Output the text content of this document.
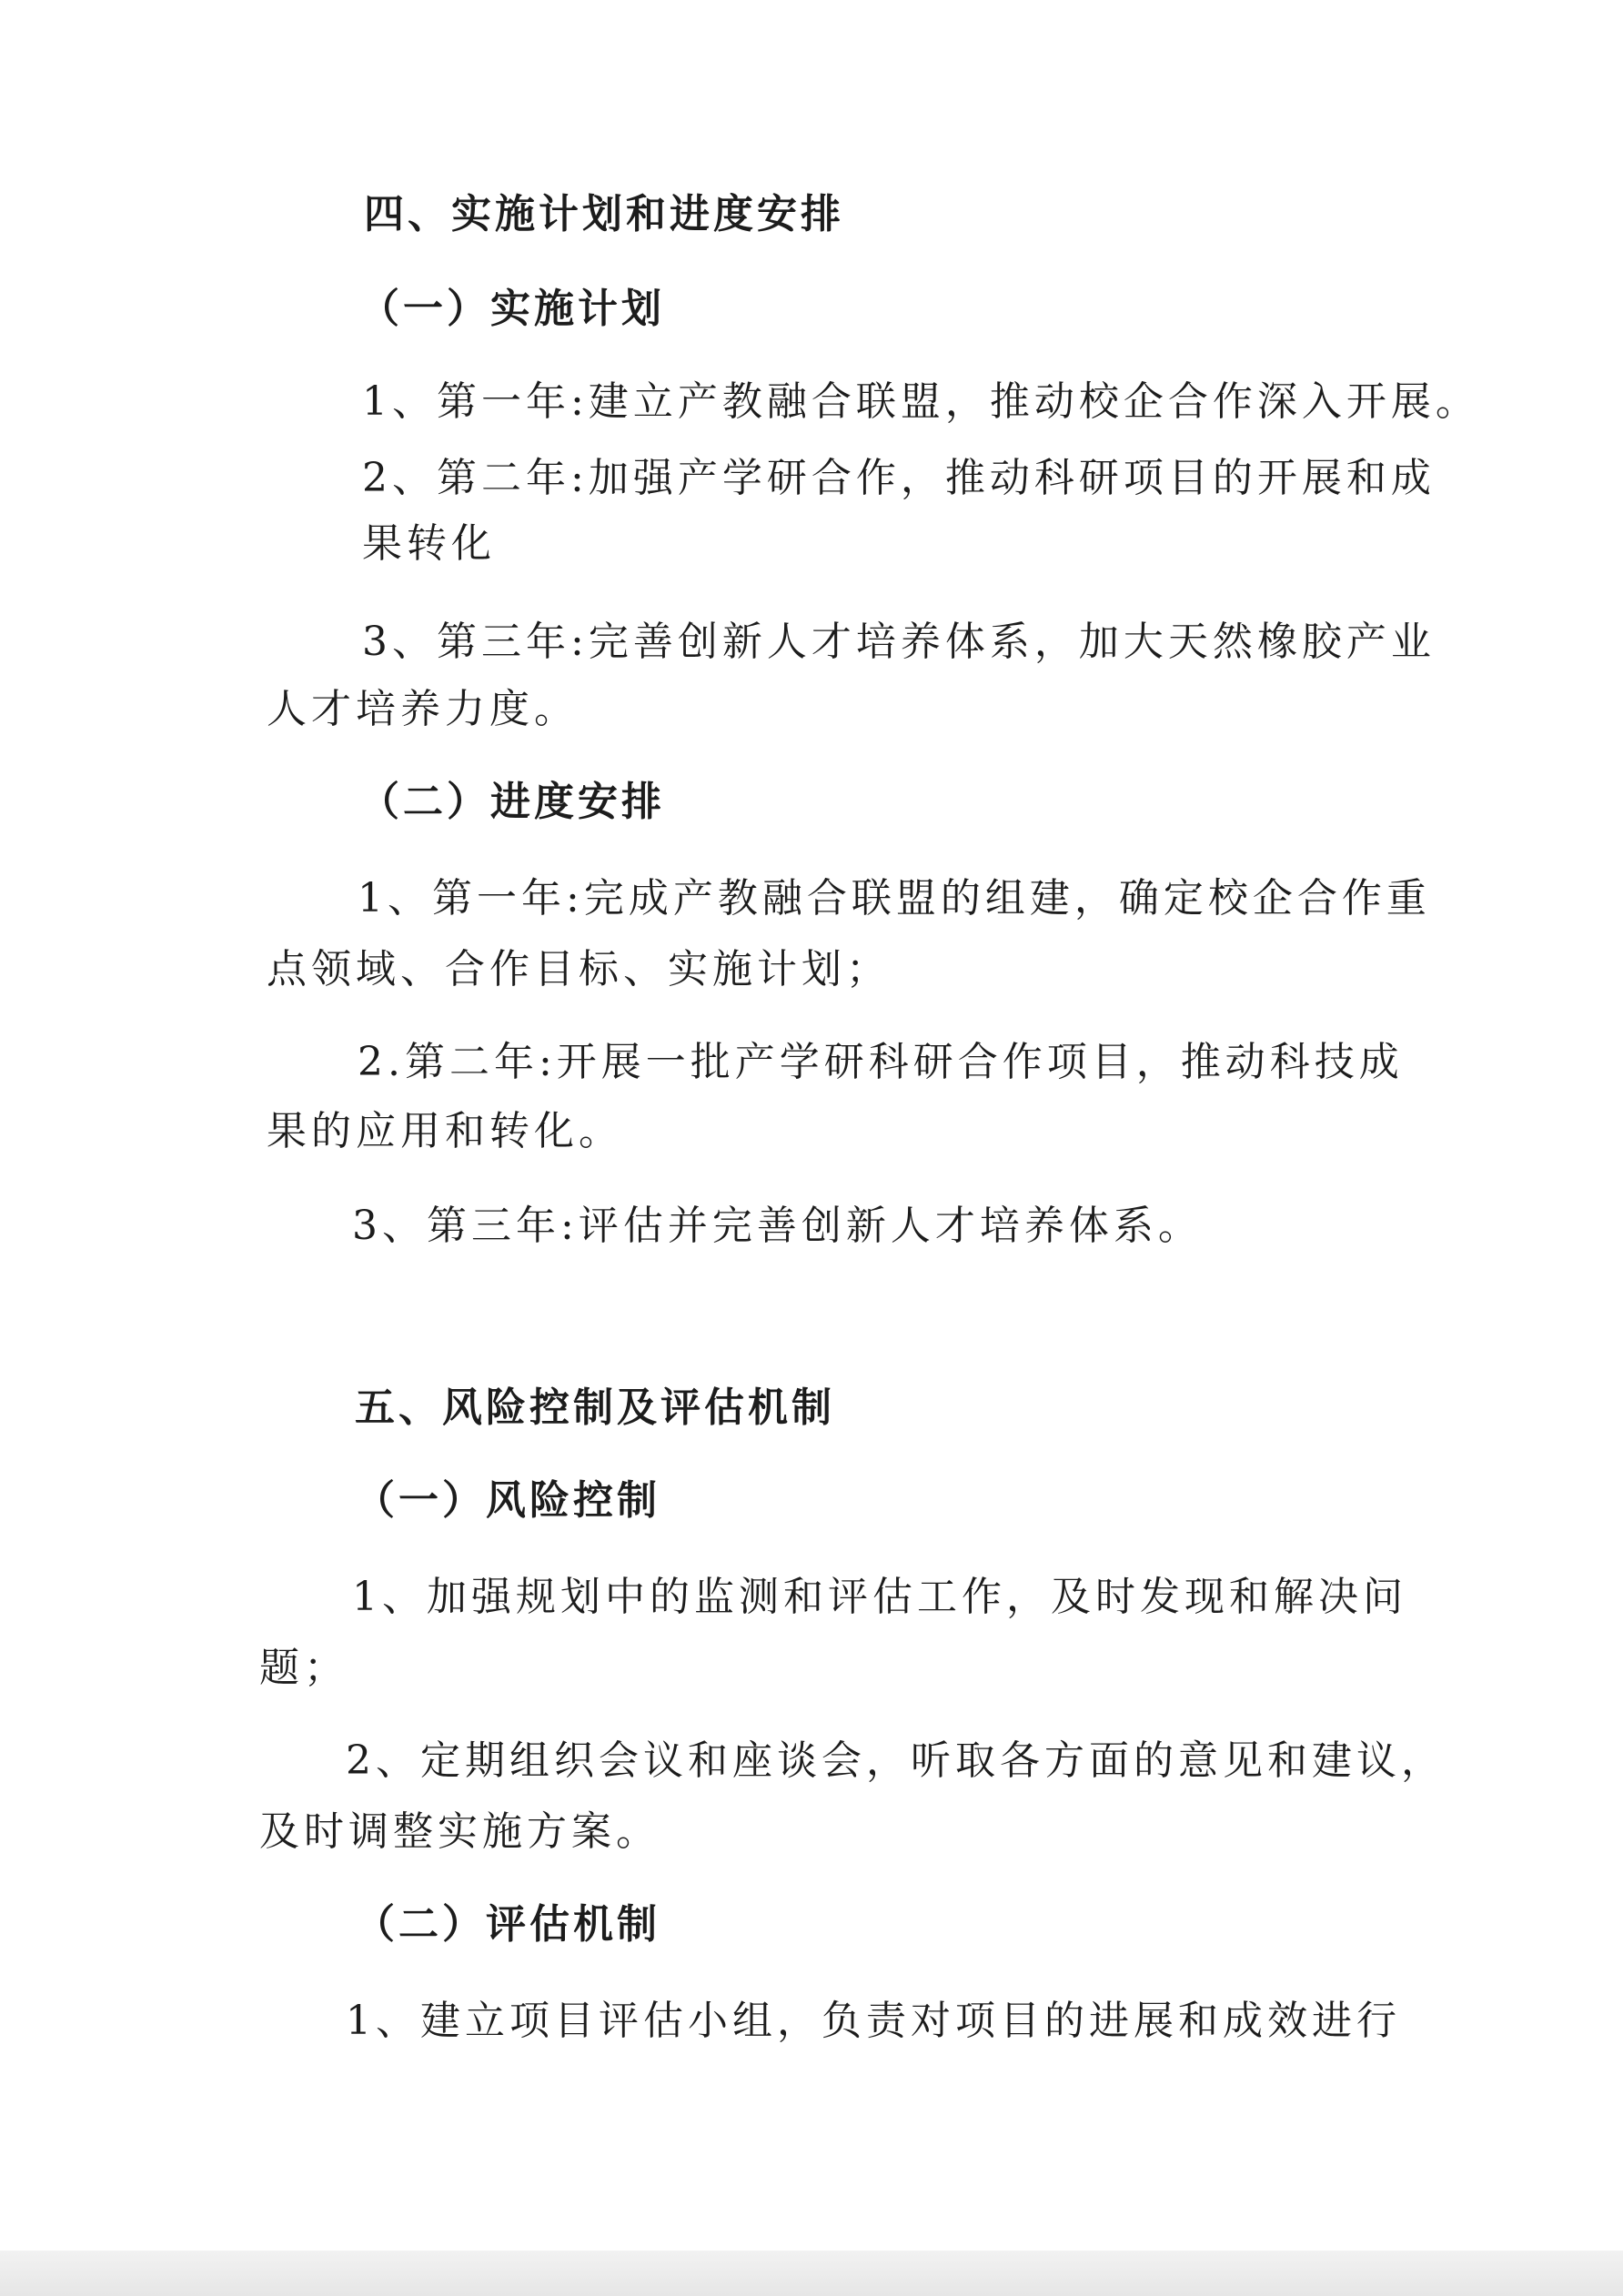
四、实施计划和进度安排
（一）实施计划
1、第一年:建立产教融合联盟，推动校企合作深入开展。
2、第二年:加强产学研合作，推动科研项目的开展和成
果转化
3、第三年:完善创新人才培养体系，加大天然橡胶产业
人才培养力度。
（二）进度安排
1、第一年:完成产教融合联盟的组建，确定校企合作重
点领域、合作目标、实施计划；
2.第二年:开展一批产学研科研合作项目，推动科技成
果的应用和转化。
3、第三年:评估并完善创新人才培养体系。
五、风险控制及评估机制
（一）风险控制
1、加强规划中的监测和评估工作，及时发现和解决问
题；
2、定期组织会议和座谈会，听取各方面的意见和建议，
及时调整实施方案。
（二）评估机制
1、建立项目评估小组，负责对项目的进展和成效进行
